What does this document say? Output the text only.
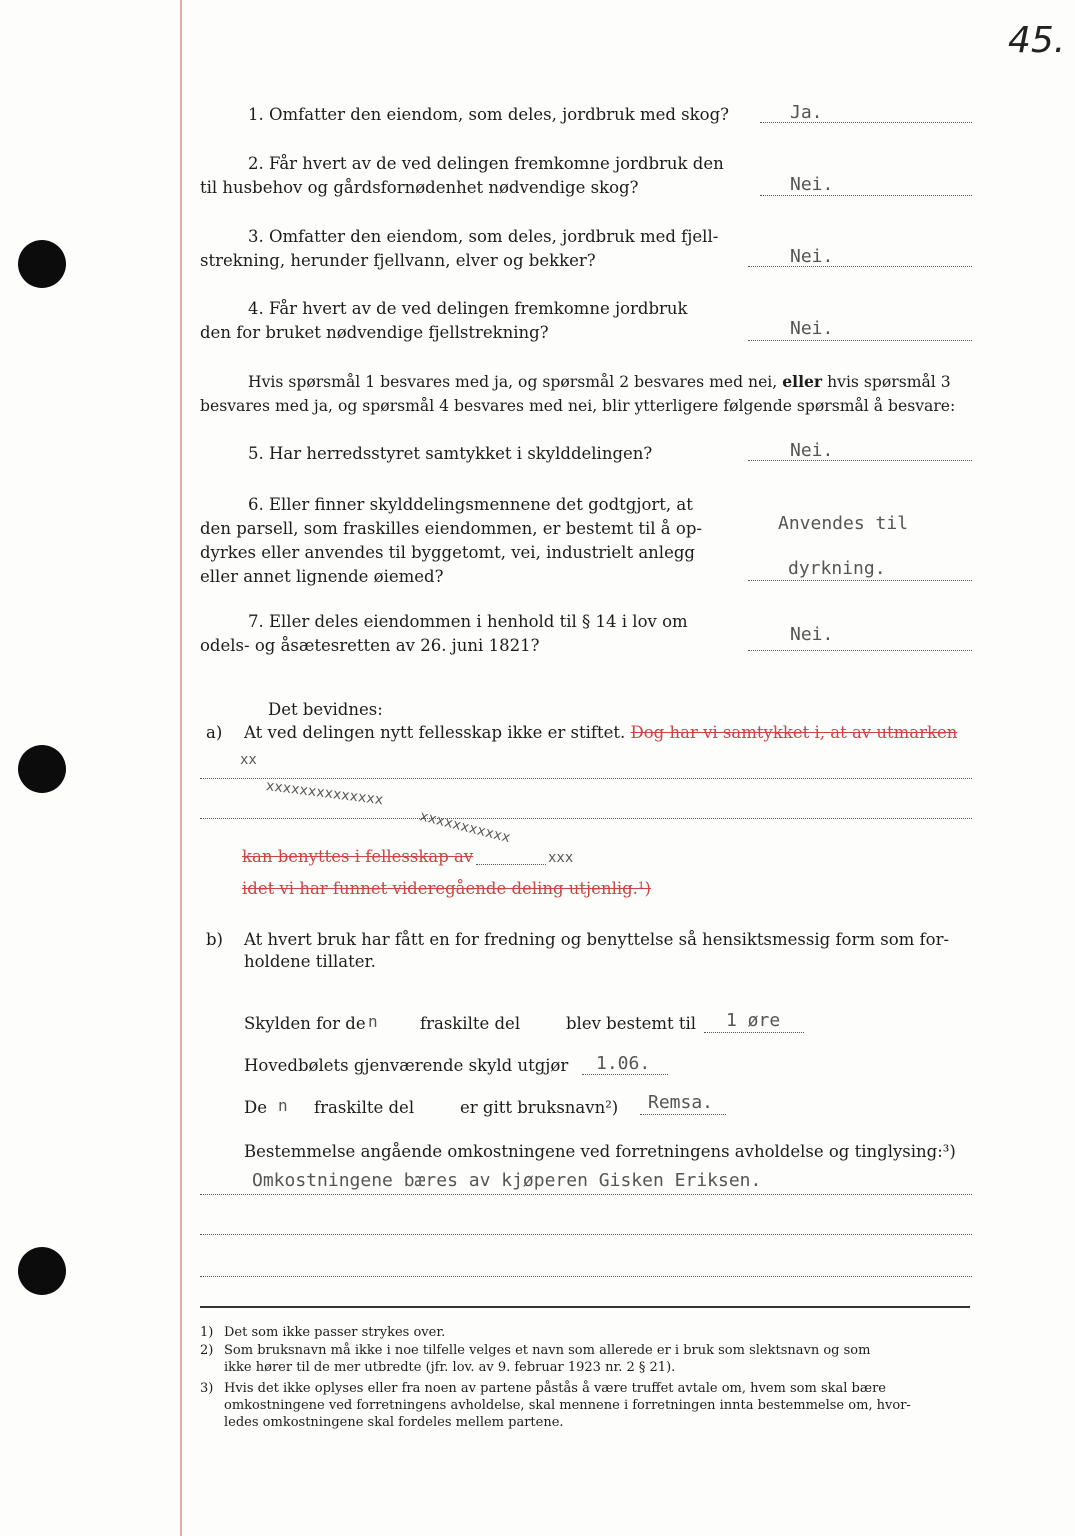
45.
1. Omfatter den eiendom, som deles, jordbruk med skog?	Ja.
2. Får hvert av de ved delingen fremkomne jordbruk den
til husbehov og gårdsfornødenhet nødvendige skog?	Nei.
3. Omfatter den eiendom, som deles, jordbruk med fjell-
strekning, herunder fjellvann, elver og bekker?	Nei.
4. Får hvert av de ved delingen fremkomne jordbruk
den for bruket nødvendige fjellstrekning?	Nei.
Hvis spørsmål 1 besvares med ja, og spørsmål 2 besvares med nei, eller hvis spørsmål 3
besvares med ja, og spørsmål 4 besvares med nei, blir ytterligere følgende spørsmål å besvare:
5. Har herredsstyret samtykket i skylddelingen?	Nei.
6. Eller finner skylddelingsmennene det godtgjort, at
den parsell, som fraskilles eiendommen, er bestemt til å op-
dyrkes eller anvendes til byggetomt, vei, industrielt anlegg
eller annet lignende øiemed?
Anvendes til
dyrkning.
7. Eller deles eiendommen i henhold til § 14 i lov om
odels- og åsætesretten av 26. juni 1821?
Nei.
Det bevidnes:
a) At ved delingen nytt fellesskap ikke er stiftet. Dog har vi samtykket i, at av utmarken
xx
xxxxxxxxxxxxxx
xxxxxxxxxxx
kan benyttes i fellesskap av	xxx
idet vi har funnet videregående deling utjenlig.¹)
b) At hvert bruk har fått en for fredning og benyttelse så hensiktsmessig form som for-
holdene tillater.
Skylden for de n	fraskilte del	blev bestemt til 1 øre
Hovedbølets gjenværende skyld utgjør 1.06.
De n fraskilte del	er gitt bruksnavn²) Remsa.
Bestemmelse angående omkostningene ved forretningens avholdelse og tinglysing:³)
Omkostningene bæres av kjøperen Gisken Eriksen.
1) Det som ikke passer strykes over.
2) Som bruksnavn må ikke i noe tilfelle velges et navn som allerede er i bruk som slektsnavn og som
ikke hører til de mer utbredte (jfr. lov. av 9. februar 1923 nr. 2 § 21).
3) Hvis det ikke oplyses eller fra noen av partene påstås å være truffet avtale om, hvem som skal bære
omkostningene ved forretningens avholdelse, skal mennene i forretningen innta bestemmelse om, hvor-
ledes omkostningene skal fordeles mellem partene.
